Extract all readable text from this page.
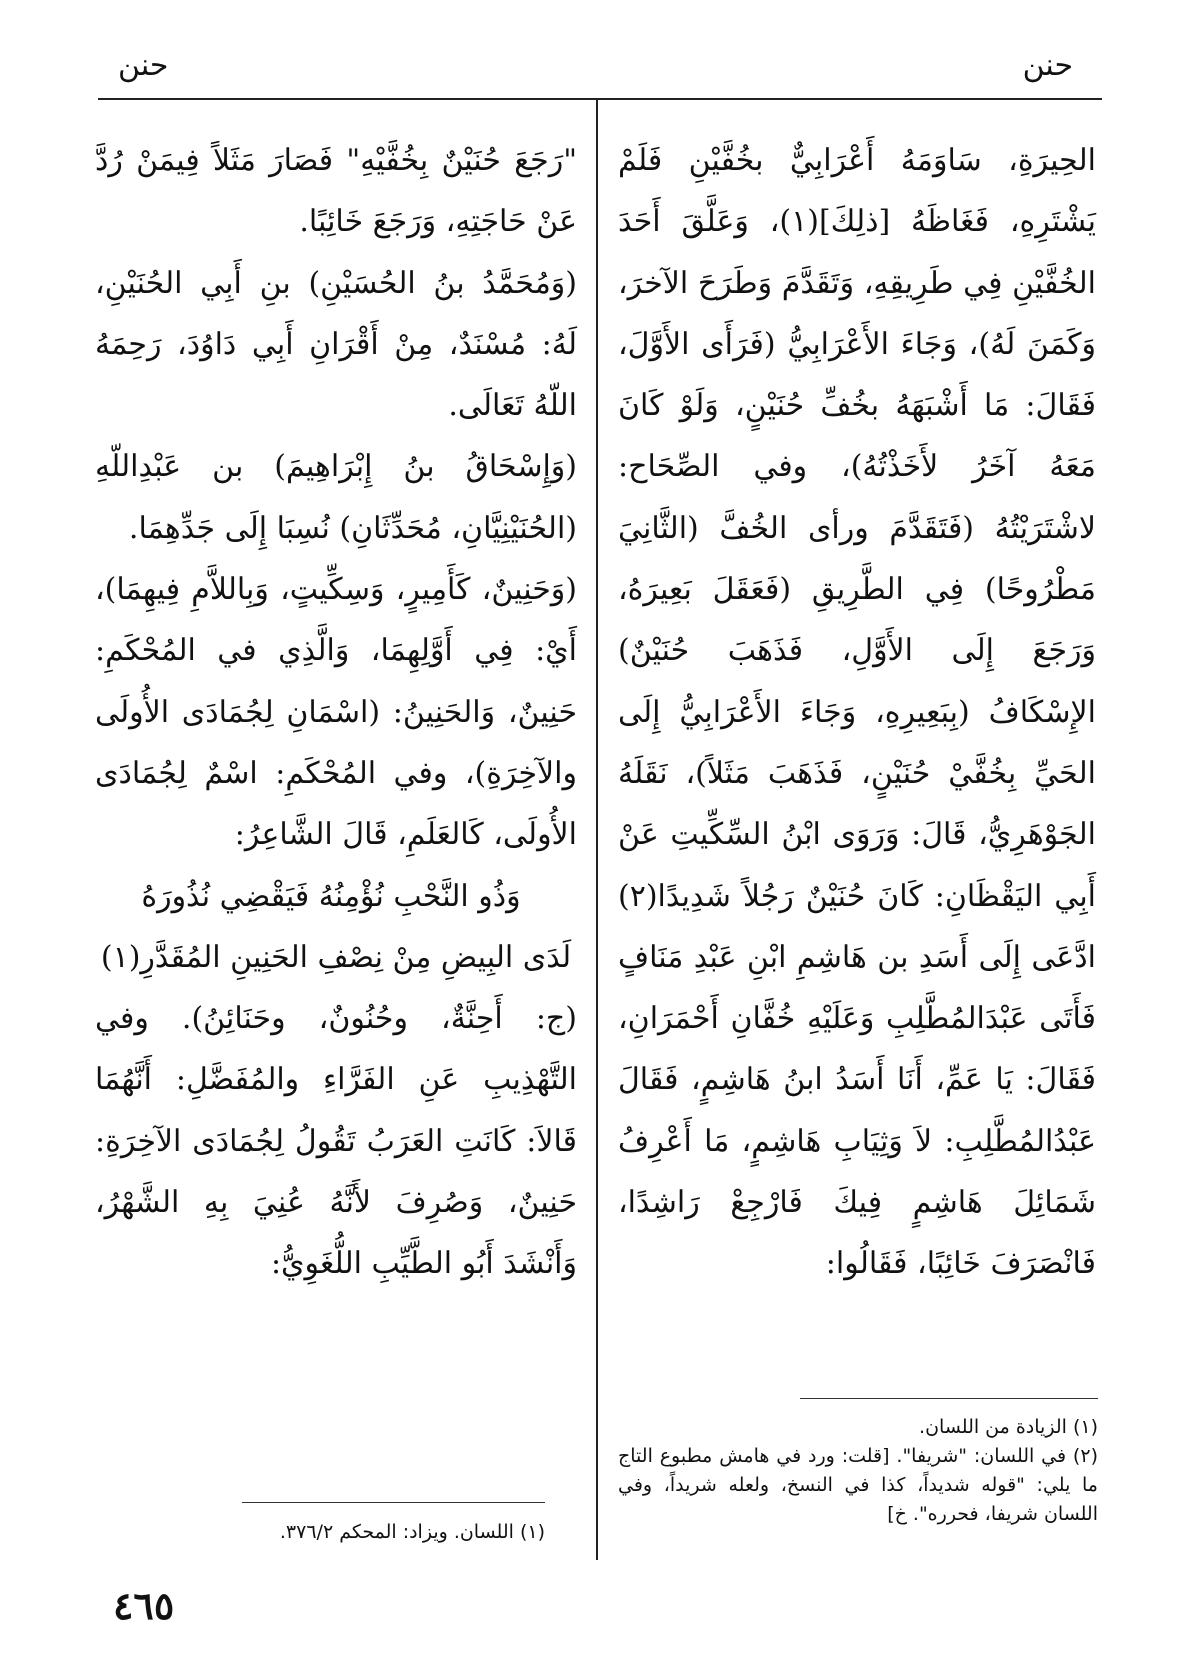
حنن
حنن

الحِيرَةِ، سَاوَمَهُ أَعْرَابِيٌّ بخُفَّيْنِ فَلَمْ يَشْتَرِهِ، فَغَاظَهُ [ذلِكَ](١)، وَعَلَّقَ أَحَدَ الخُفَّيْنِ فِي طَرِيقِهِ، وَتَقَدَّمَ وَطَرَحَ الآخرَ، وَكَمَنَ لَهُ)، وَجَاءَ الأَعْرَابِيُّ (فَرَأَى الأَوَّلَ، فَقَالَ: مَا أَشْبَهَهُ بخُفِّ حُنَيْنٍ، وَلَوْ كَانَ مَعَهُ آخَرُ لأَخَذْتُهُ)، وفي الصِّحَاح: لاشْتَرَيْتُهُ (فَتَقَدَّمَ ورأى الخُفَّ (الثَّانِيَ مَطْرُوحًا) فِي الطَّرِيقِ (فَعَقَلَ بَعِيرَهُ، وَرَجَعَ إِلَى الأَوَّلِ، فَذَهَبَ حُنَيْنٌ) الإِسْكَافُ (بِبَعِيرِهِ، وَجَاءَ الأَعْرَابِيُّ إِلَى الحَيِّ بِخُفَّيْ حُنَيْنٍ، فَذَهَبَ مَثَلاً)، نَقَلَهُ الجَوْهَرِيُّ، قَالَ: وَرَوَى ابْنُ السِّكِّيتِ عَنْ أَبِي اليَقْظَانِ: كَانَ حُنَيْنٌ رَجُلاً شَدِيدًا(٢) ادَّعَى إِلَى أَسَدِ بن هَاشِمِ ابْنِ عَبْدِ مَنَافٍ فَأَتَى عَبْدَالمُطَّلِبِ وَعَلَيْهِ خُفَّانِ أَحْمَرَانِ، فَقَالَ: يَا عَمِّ، أَنَا أَسَدُ ابنُ هَاشِمٍ، فَقَالَ عَبْدُالمُطَّلِبِ: لاَ وَثِيَابِ هَاشِمٍ، مَا أَعْرِفُ شَمَائِلَ هَاشِمٍ فِيكَ فَارْجِعْ رَاشِدًا، فَانْصَرَفَ خَائِبًا، فَقَالُوا:

"رَجَعَ حُنَيْنٌ بِخُفَّيْهِ" فَصَارَ مَثَلاً فِيمَنْ رُدَّ عَنْ حَاجَتِهِ، وَرَجَعَ خَائِبًا.

(وَمُحَمَّدُ بنُ الحُسَيْنِ) بنِ أَبِي الحُنَيْنِ، لَهُ: مُسْنَدٌ، مِنْ أَقْرَانِ أَبِي دَاوُدَ، رَحِمَهُ اللّهُ تَعَالَى.

(وَإِسْحَاقُ بنُ إِبْرَاهِيمَ) بن عَبْدِاللّهِ (الحُنَيْنِيَّانِ، مُحَدِّثَانِ) نُسِبَا إِلَى جَدِّهِمَا.

(وَحَنِينٌ، كَأَمِيرٍ، وَسِكِّيتٍ، وَبِاللاَّمِ فِيهِمَا)، أَيْ: فِي أَوَّلِهِمَا، وَالَّذِي في المُحْكَمِ: حَنِينٌ، وَالحَنِينُ: (اسْمَانِ لِجُمَادَى الأُولَى والآخِرَةِ)، وفي المُحْكَمِ: اسْمٌ لِجُمَادَى الأُولَى، كَالعَلَمِ، قَالَ الشَّاعِرُ:

وَذُو النَّحْبِ نُؤْمِنُهُ فَيَقْضِي نُذُورَهُ

لَدَى البِيضِ مِنْ نِصْفِ الحَنِينِ المُقَدَّرِ(١)

(ج: أَحِنَّةٌ، وحُنُونٌ، وحَنَائِنُ). وفي التَّهْذِيبِ عَنِ الفَرَّاءِ والمُفَضَّلِ: أَنَّهُمَا قَالاَ: كَانَتِ العَرَبُ تَقُولُ لِجُمَادَى الآخِرَةِ: حَنِينٌ، وَصُرِفَ لأَنَّهُ عُنِيَ بِهِ الشَّهْرُ، وَأَنْشَدَ أَبُو الطَّيِّبِ اللُّغَوِيُّ:

(١) الزيادة من اللسان.

(٢) في اللسان: "شريفا". [قلت: ورد في هامش مطبوع التاج ما يلي: "قوله شديداً، كذا في النسخ، ولعله شريداً، وفي اللسان شريفا، فحرره". خ]

(١) اللسان. ويزاد: المحكم ٣٧٦/٢.

٤٦٥
